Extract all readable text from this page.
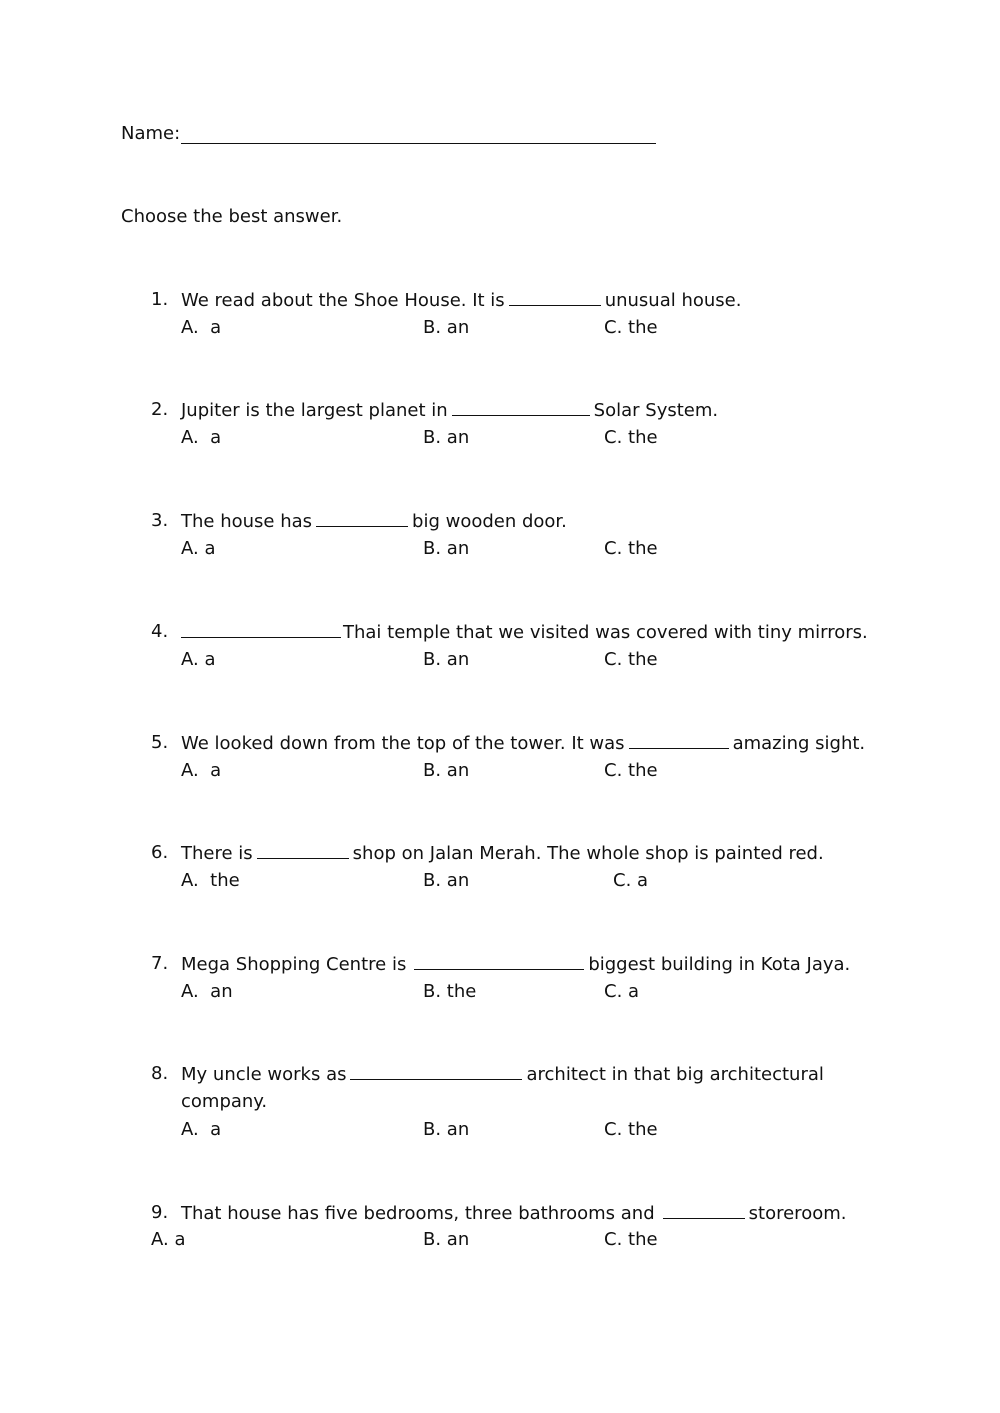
Name:
Choose the best answer.
1. We read about the Shoe House. It is	unusual house.
A.  a	B. an	C. the
2. Jupiter is the largest planet in	Solar System.
A.  a	B. an	C. the
3. The house has	big wooden door.
A. a	B. an	C. the
4.	Thai temple that we visited was covered with tiny mirrors.
A. a	B. an	C. the
5. We looked down from the top of the tower. It was	amazing sight.
A.  a	B. an	C. the
6. There is	shop on Jalan Merah. The whole shop is painted red.
A.  the	B. an	C. a
7. Mega Shopping Centre is	biggest building in Kota Jaya.
A.  an	B. the	C. a
8. My uncle works as	architect in that big architectural
company.
A.  a	B. an	C. the
9. That house has five bedrooms, three bathrooms and	storeroom.
A. a	B. an	C. the
